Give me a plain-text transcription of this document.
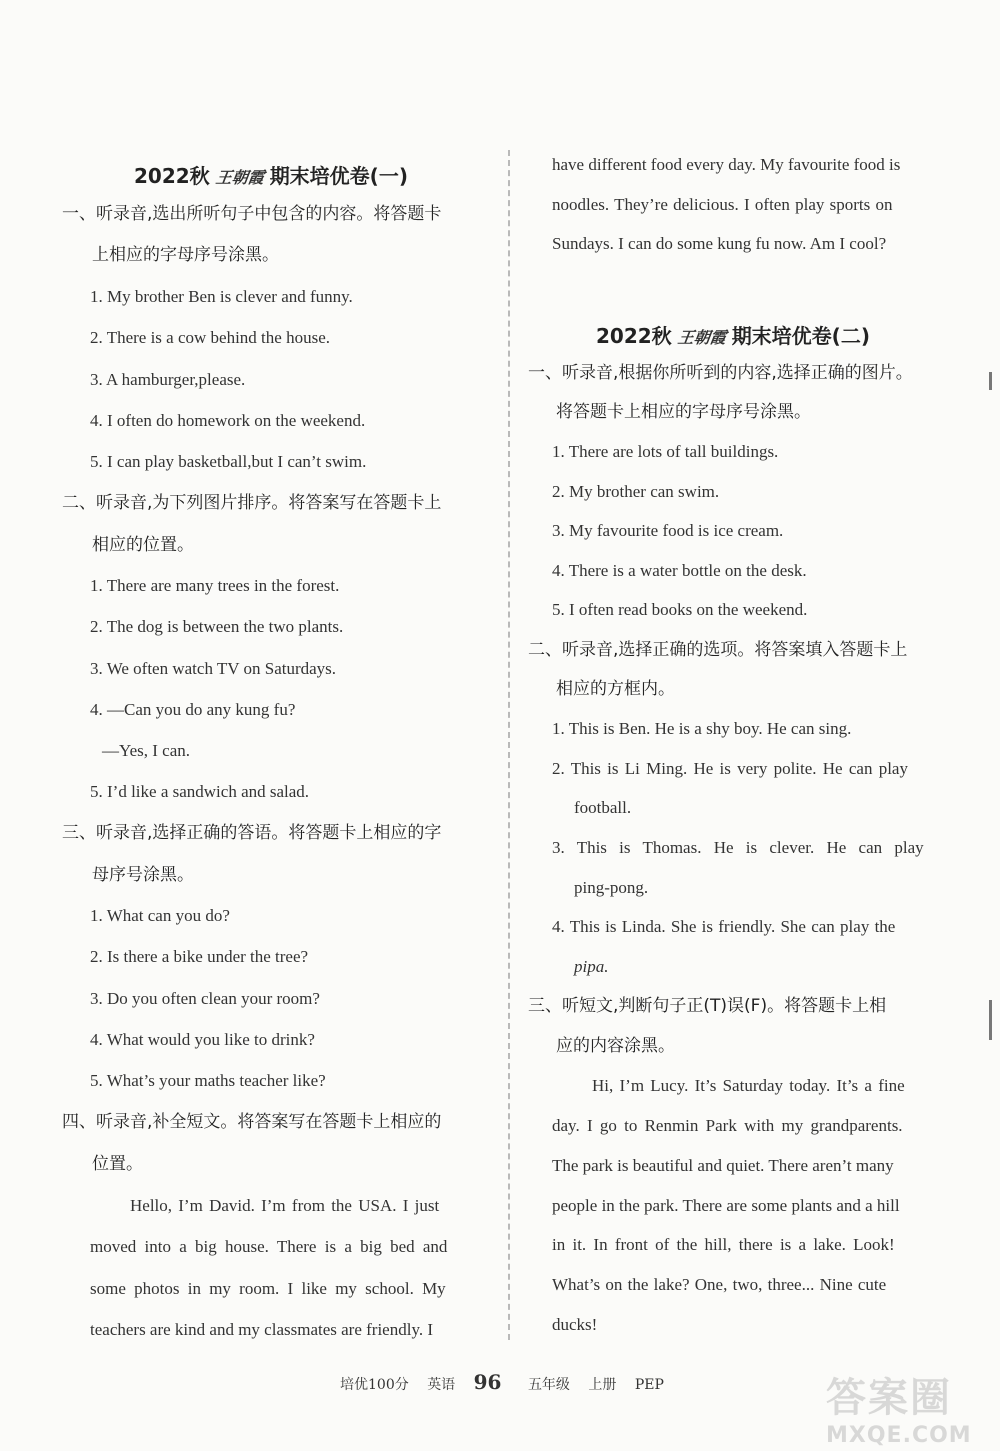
2022秋 王朝霞 期末培优卷(一)
一、听录音,选出所听句子中包含的内容。将答题卡
上相应的字母序号涂黑。
1. My brother Ben is clever and funny.
2. There is a cow behind the house.
3. A hamburger,please.
4. I often do homework on the weekend.
5. I can play basketball,but I can’t swim.
二、听录音,为下列图片排序。将答案写在答题卡上
相应的位置。
1. There are many trees in the forest.
2. The dog is between the two plants.
3. We often watch TV on Saturdays.
4. —Can you do any kung fu?
—Yes, I can.
5. I’d like a sandwich and salad.
三、听录音,选择正确的答语。将答题卡上相应的字
母序号涂黑。
1. What can you do?
2. Is there a bike under the tree?
3. Do you often clean your room?
4. What would you like to drink?
5. What’s your maths teacher like?
四、听录音,补全短文。将答案写在答题卡上相应的
位置。
Hello, I’m David. I’m from the USA. I just
moved into a big house. There is a big bed and
some photos in my room. I like my school. My
teachers are kind and my classmates are friendly. I
have different food every day. My favourite food is
noodles. They’re delicious. I often play sports on
Sundays. I can do some kung fu now. Am I cool?
2022秋 王朝霞 期末培优卷(二)
一、听录音,根据你所听到的内容,选择正确的图片。
将答题卡上相应的字母序号涂黑。
1. There are lots of tall buildings.
2. My brother can swim.
3. My favourite food is ice cream.
4. There is a water bottle on the desk.
5. I often read books on the weekend.
二、听录音,选择正确的选项。将答案填入答题卡上
相应的方框内。
1. This is Ben. He is a shy boy. He can sing.
2. This is Li Ming. He is very polite. He can play
football.
3. This is Thomas. He is clever. He can play
ping-pong.
4. This is Linda. She is friendly. She can play the
pipa.
三、听短文,判断句子正(T)误(F)。将答题卡上相
应的内容涂黑。
Hi, I’m Lucy. It’s Saturday today. It’s a fine
day. I go to Renmin Park with my grandparents.
The park is beautiful and quiet. There aren’t many
people in the park. There are some plants and a hill
in it. In front of the hill, there is a lake. Look!
What’s on the lake? One, two, three... Nine cute
ducks!
培优100分 英语 96 五年级 上册 PEP	答案圈
MXQE.COM
